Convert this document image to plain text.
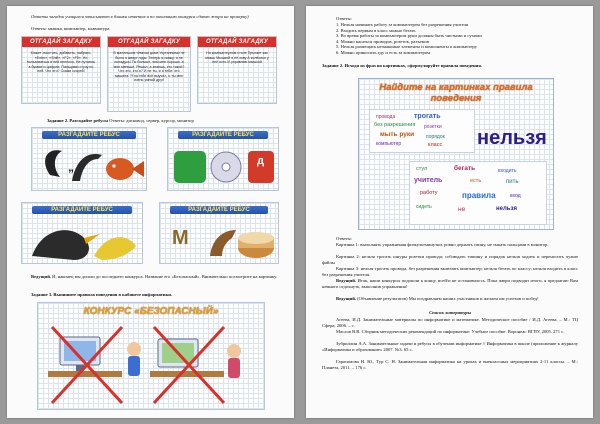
Ответы загадок учащиеся записывают в бланки ответов и по окончанию конкурса сдают жюри на проверку)

Ответы: мышка, компьютер, клавиатура

ОТГАДАЙ ЗАГАДКУ
Может очистить, добавить, набрать, «Enter», «Shift», «F2», «F5». Но пользоваться в ней неплохо, Не путаюсь в буквах и цифрах. Пальцами стучу по ней. Что это? Скажи скорей!
ОТГАДАЙ ЗАГАДКУ
В маленьком тёмном доме Укутанными не было я живут годы. Теперь я скажу: я не попадусь! Ты больше, чем мне хорошо, а мне меньше, Решил, а знаешь, кто такой? Что это, кто я? И не ты, и я тебе: это машина. Я на тебе всё выучил, и ты мне очень умный друг!
ОТГАДАЙ ЗАГАДКУ
На компьютерном столе Прыгает как мышь Мышкой я её зову А колёсико у неё есть И управляю мышкой

Задание 2. Разгадайте ребусы Ответы: дисковод, сервер, курсор, монитор

РАЗГАДАЙТЕ РЕБУС
„
РАЗГАДАЙТЕ РЕБУС
д
РАЗГАДАЙТЕ РЕБУС	РАЗГАДАЙТЕ РЕБУС
М

Ведущий. И, наконец мы дошли до последнего конкурса. Название его «Безопасный». Внимательно посмотрите на картинку.

Задание 3. Выпишите правила поведения в кабинете информатики.

КОНКУРС «БЕЗОПАСНЫЙ»

Ответы:

1. Нельзя начинать работу за компьютером без разрешения учителя

2. Входить первым в класс можно бегать

3. Во время работы за компьютером руки должны быть чистыми и сухими

4. Можно касаться проводов, розеток, разъемов

5. Нельзя размещать незнакомые элементы и компоненты к компьютеру

6. Можно приносить еду и есть за компьютером

Задание 2. Исходя из фраз на картинках, сформулируйте правила поведения.

Найдите на картинках правила
поведения
провода	трогать
без разрешения розетки
мыть руки порядок
компьютер	класс нельзя
стул	бегать	входить
учитель	есть	пить
работу	правила	вход
сидеть	не	нельзя

Ответы:

Картинка 1: выполнять упражнения физкультминутки, ровно держать спину, не тыкать пальцами в монитор.

Картинка 2: нельзя трогать шнуры розетки провода; соблюдать тишину и порядок нельзя ходить и переносить чужие файлы

Картинка 3: нельзя трогать провода, без разрешения включать компьютер; нельзя бегать по классу; нельзя входить в класс без разрешения учителя.

Ведущий. Итак, наши конкурсы подошли к концу, всей/и не остановилось. Пока жюри подводят итоги, я предлагаю Вам немного отдохнуть, выполнив упражнения!

Ведущий. (Объявление результатов) Мы поздравляем наших участников и желаем им успехов и побед!

Список литературы

Агеева, И.Д. Занимательные материалы по информатике и математике. Методическое пособие / И.Д. Агеева. – М.: ТЦ Сфера, 2006. – с.

Маслов В.В. Сборник методических рекомендаций по информатике: Учебное пособие. Воронеж: ВГПУ, 2005. 271 с.

Зубриллин А.А. Занимательные задачи и ребусы в обучении информатике // Информатика в школе (приложение к журналу «Информатика и образование» 2007. №3. 65 с.

Гарасимова Н. Ю., Тур С. Н. Занимательная информатика на уроках и внеклассных мероприятиях 2-11 классы. – М.: Планета, 2011. – 176 с.
